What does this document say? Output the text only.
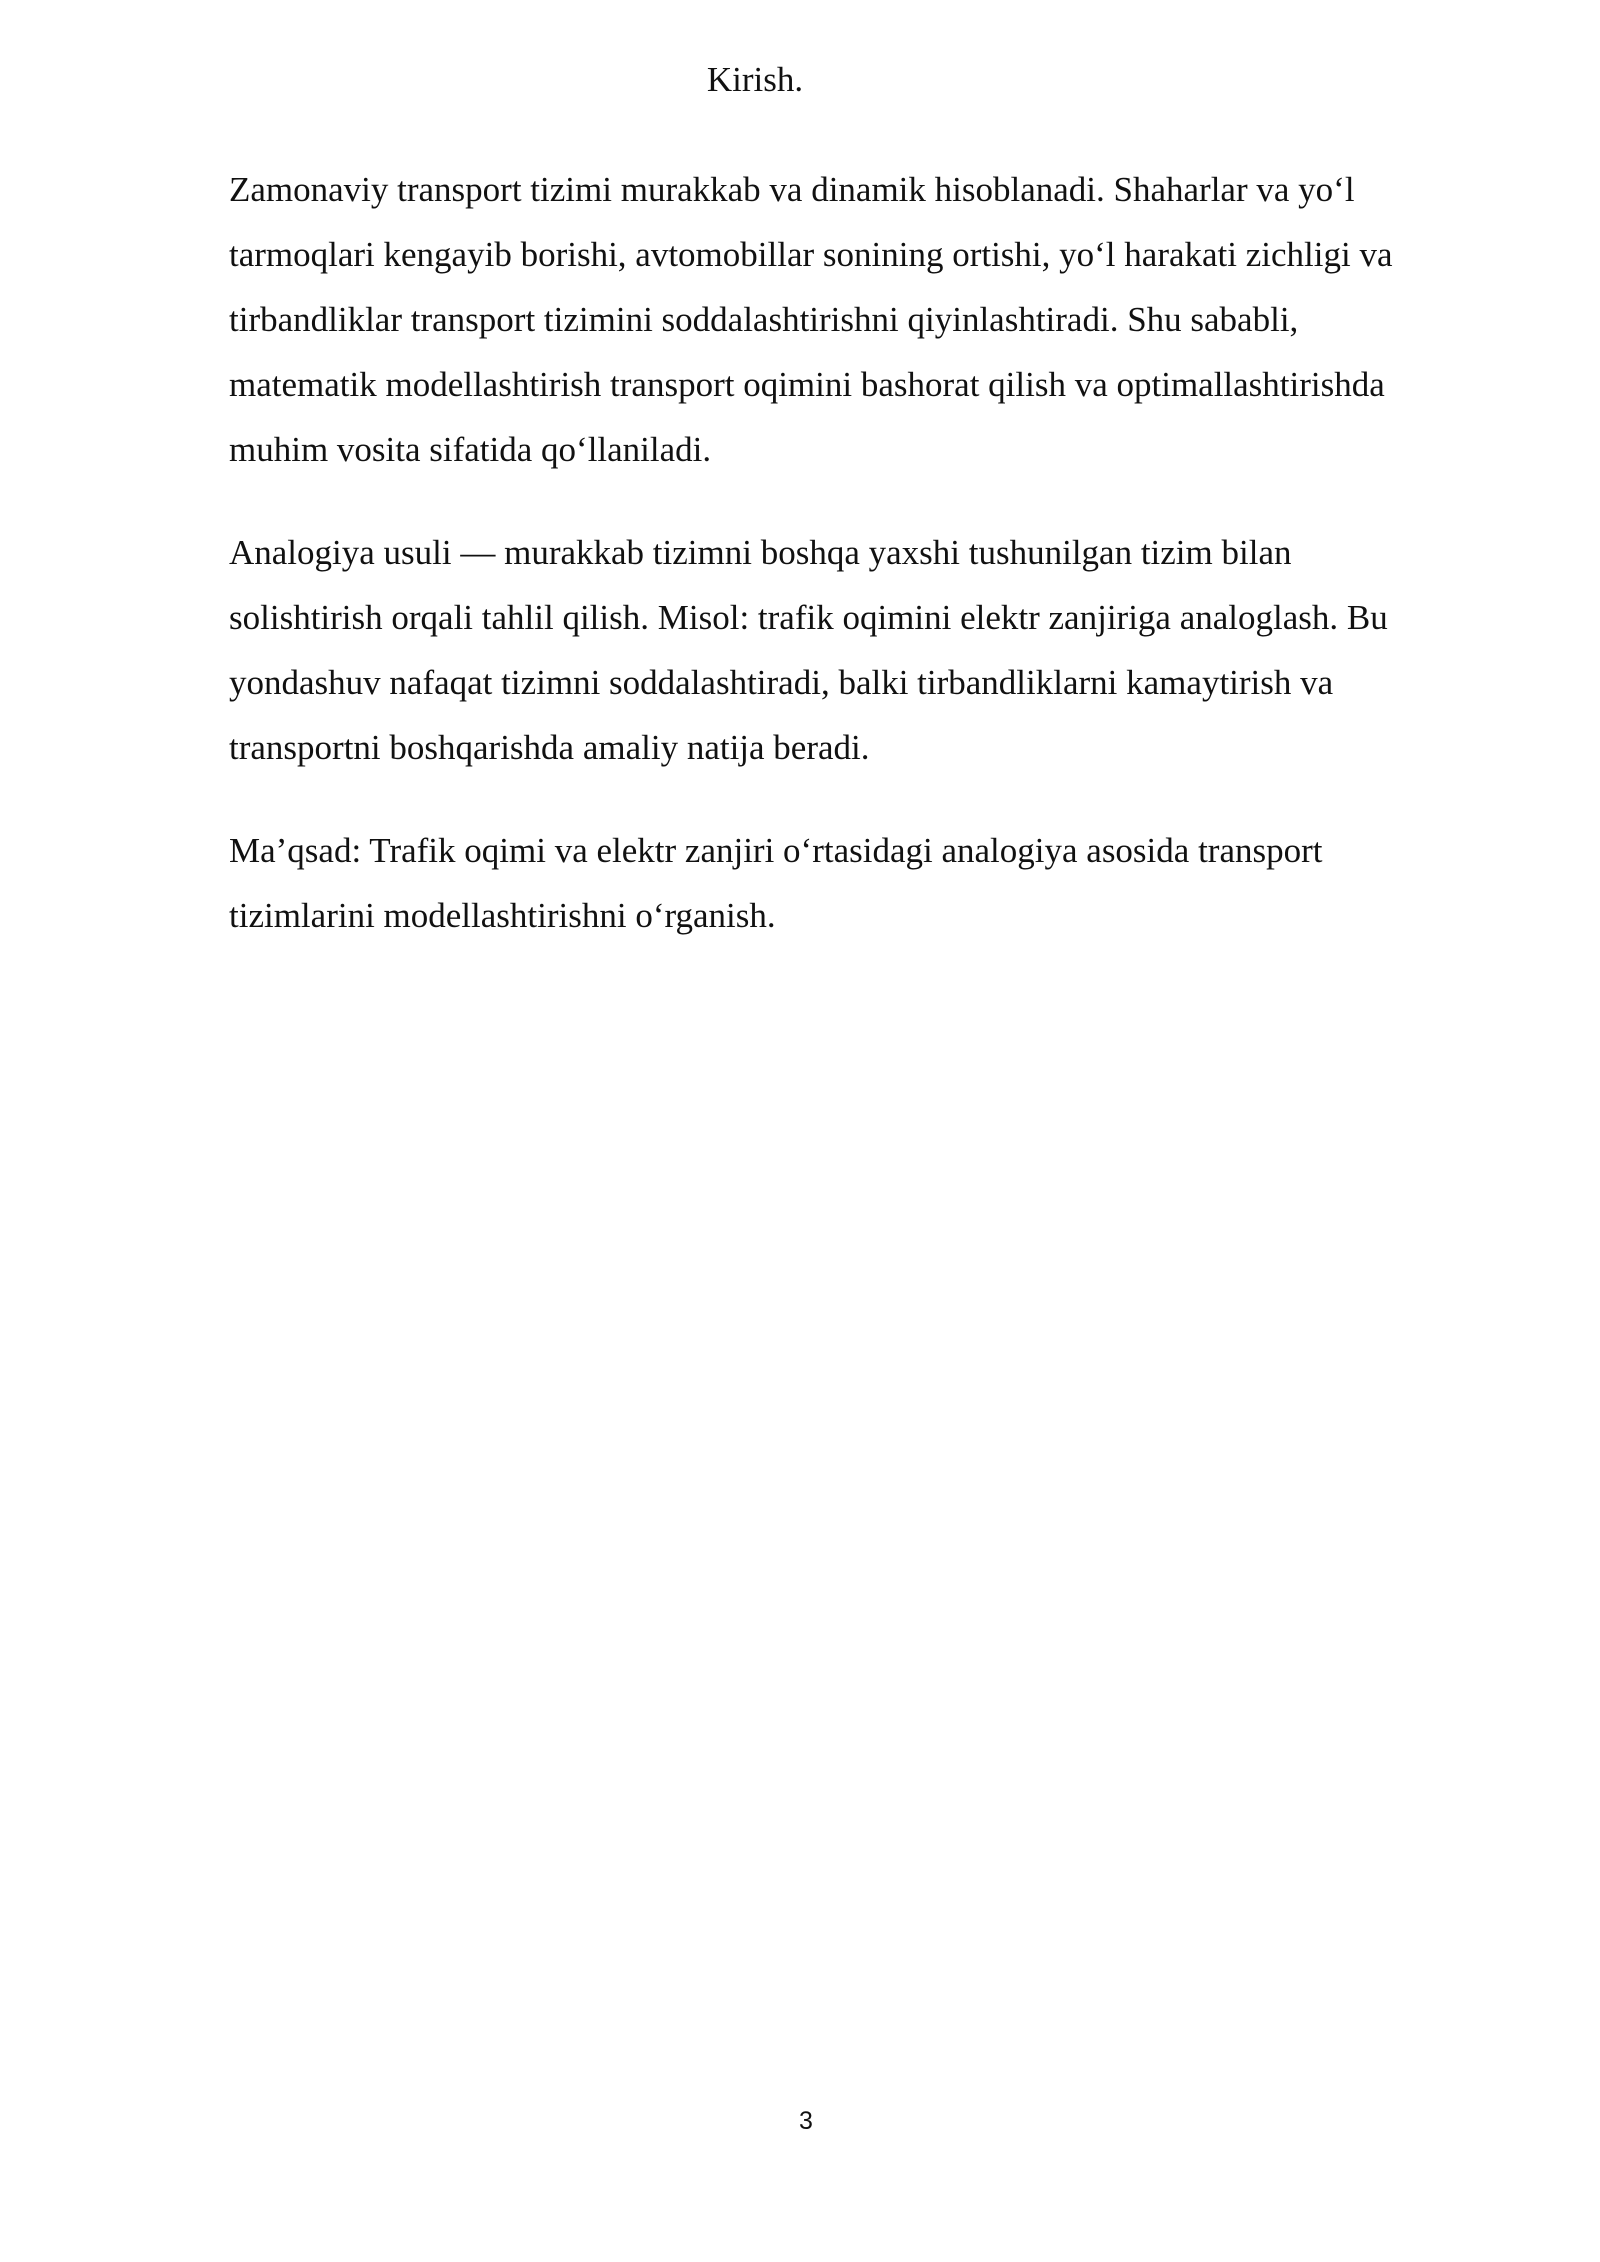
Kirish.

Zamonaviy transport tizimi murakkab va dinamik hisoblanadi. Shaharlar va yo‘l
tarmoqlari kengayib borishi, avtomobillar sonining ortishi, yo‘l harakati zichligi va
tirbandliklar transport tizimini soddalashtirishni qiyinlashtiradi. Shu sababli,
matematik modellashtirish transport oqimini bashorat qilish va optimallashtirishda
muhim vosita sifatida qo‘llaniladi.

Analogiya usuli — murakkab tizimni boshqa yaxshi tushunilgan tizim bilan
solishtirish orqali tahlil qilish. Misol: trafik oqimini elektr zanjiriga analoglash. Bu
yondashuv nafaqat tizimni soddalashtiradi, balki tirbandliklarni kamaytirish va
transportni boshqarishda amaliy natija beradi.

Ma’qsad: Trafik oqimi va elektr zanjiri o‘rtasidagi analogiya asosida transport
tizimlarini modellashtirishni o‘rganish.

3
